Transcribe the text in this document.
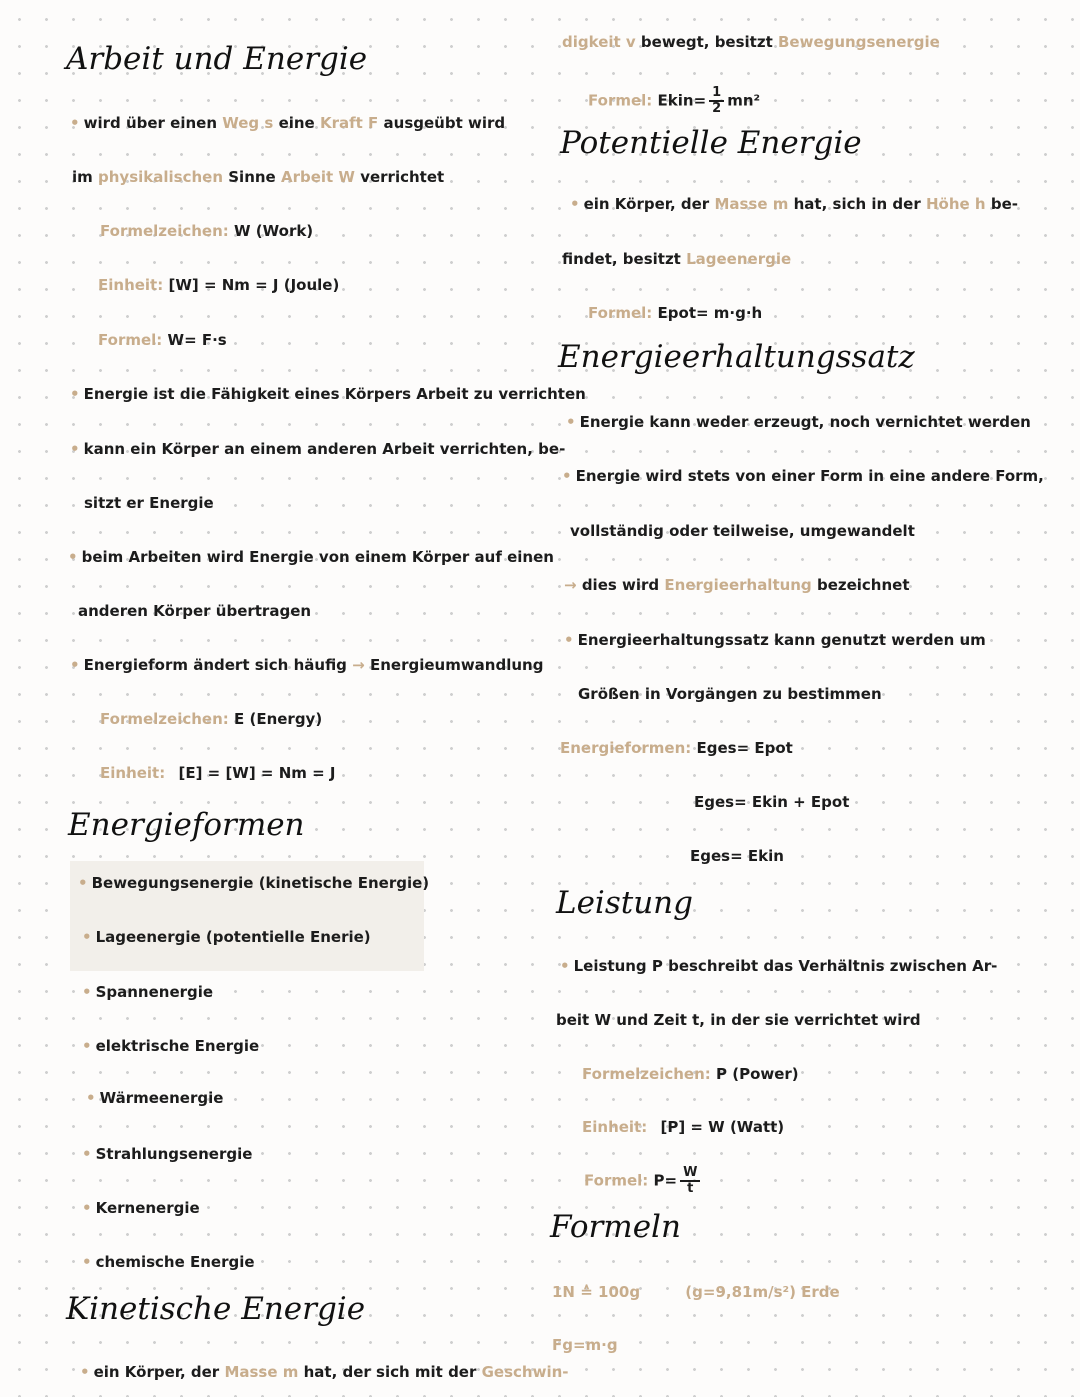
Arbeit und Energie
• wird über einen Weg s eine Kraft F ausgeübt wird
im physikalischen Sinne Arbeit W verrichtet
Formelzeichen: W (Work)
Einheit: [W] = Nm = J (Joule)
Formel: W= F·s
• Energie ist die Fähigkeit eines Körpers Arbeit zu verrichten
• kann ein Körper an einem anderen Arbeit verrichten, be-
sitzt er Energie
• beim Arbeiten wird Energie von einem Körper auf einen
anderen Körper übertragen
• Energieform ändert sich häufig → Energieumwandlung
Formelzeichen: E (Energy)
Einheit: [E] = [W] = Nm = J
Energieformen
• Bewegungsenergie (kinetische Energie)
• Lageenergie (potentielle Enerie)
• Spannenergie
• elektrische Energie
• Wärmeenergie
• Strahlungsenergie
• Kernenergie
• chemische Energie
Kinetische Energie
• ein Körper, der Masse m hat, der sich mit der Geschwin-
digkeit v bewegt, besitzt Bewegungsenergie
Formel: Ekin= $\frac{1}{2} mn^2$
Potentielle Energie
• ein Körper, der Masse m hat, sich in der Höhe h be-
findet, besitzt Lageenergie
Formel: Epot= m·g·h
Energieerhaltungssatz
• Energie kann weder erzeugt, noch vernichtet werden
• Energie wird stets von einer Form in eine andere Form,
vollständig oder teilweise, umgewandelt
→ dies wird Energieerhaltung bezeichnet
• Energieerhaltungssatz kann genutzt werden um
Größen in Vorgängen zu bestimmen
Energieformen: Eges= Epot
Eges= Ekin + Epot
Eges= Ekin
Leistung
• Leistung P beschreibt das Verhältnis zwischen Ar-
beit W und Zeit t, in der sie verrichtet wird
Formelzeichen: P (Power)
Einheit: [P] = W (Watt)
Formel: $P= \frac{W}{t}$
Formeln
1N ≙ 100g	(g=9,81m/s²) Erde
Fg=m·g
